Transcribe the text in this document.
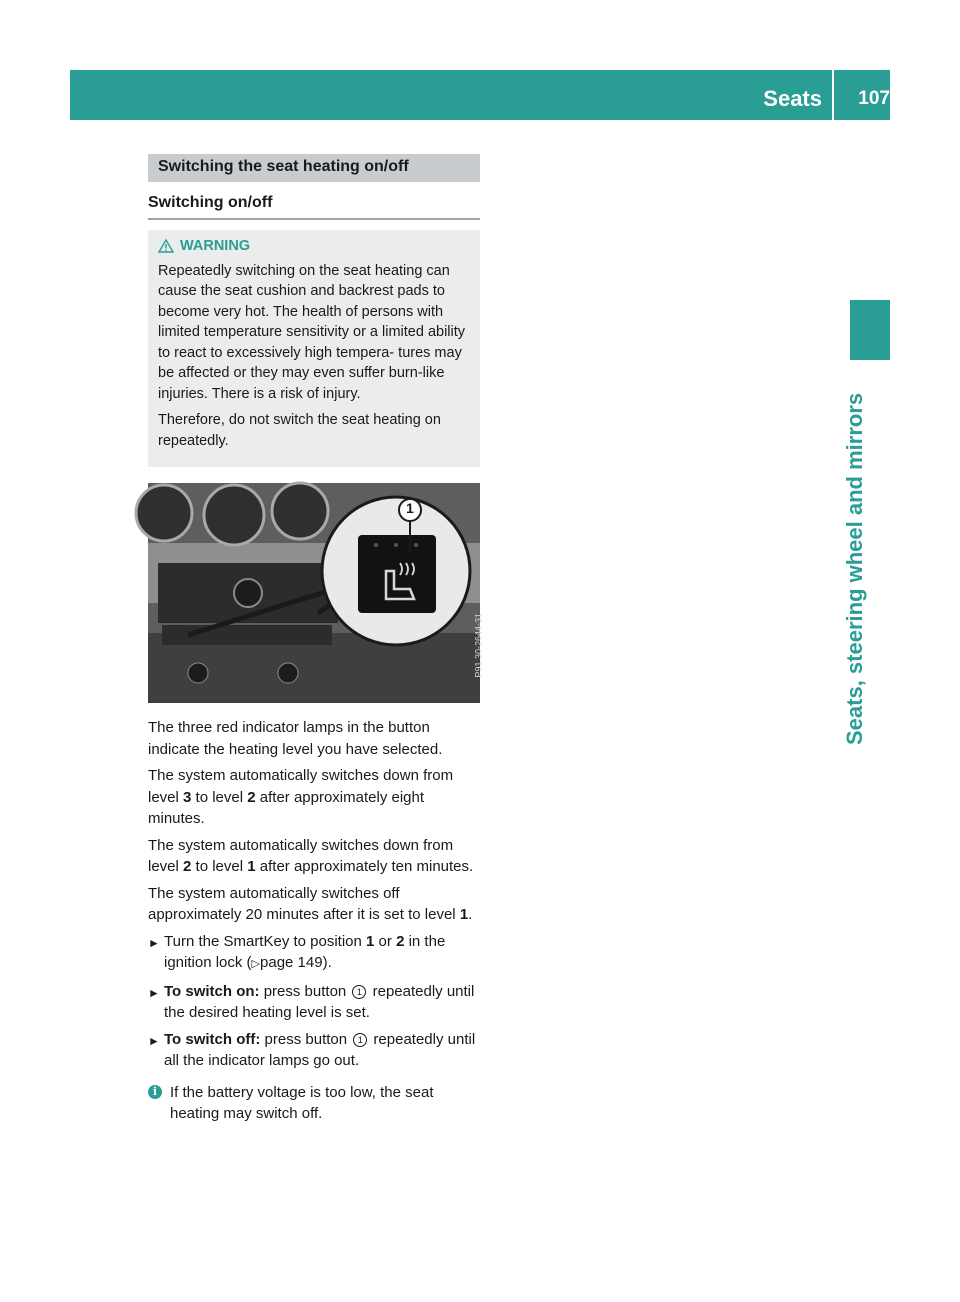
Seats 107
Seats, steering wheel and mirrors
Switching the seat heating on/off
Switching on/off
WARNING

Repeatedly switching on the seat heating can cause the seat cushion and backrest pads to become very hot. The health of persons with limited temperature sensitivity or a limited ability to react to excessively high tempera- tures may be affected or they may even suffer burn-like injuries. There is a risk of injury.

Therefore, do not switch the seat heating on repeatedly.

1
P91.30-2644-31

The three red indicator lamps in the button indicate the heating level you have selected.

The system automatically switches down from level 3 to level 2 after approximately eight minutes.

The system automatically switches down from level 2 to level 1 after approximately ten minutes.

The system automatically switches off approximately 20 minutes after it is set to level 1.

► Turn the SmartKey to position 1 or 2 in the ignition lock (▷page 149).
► To switch on: press button 1 repeatedly until the desired heating level is set.
► To switch off: press button 1 repeatedly until all the indicator lamps go out.
i If the battery voltage is too low, the seat heating may switch off.
